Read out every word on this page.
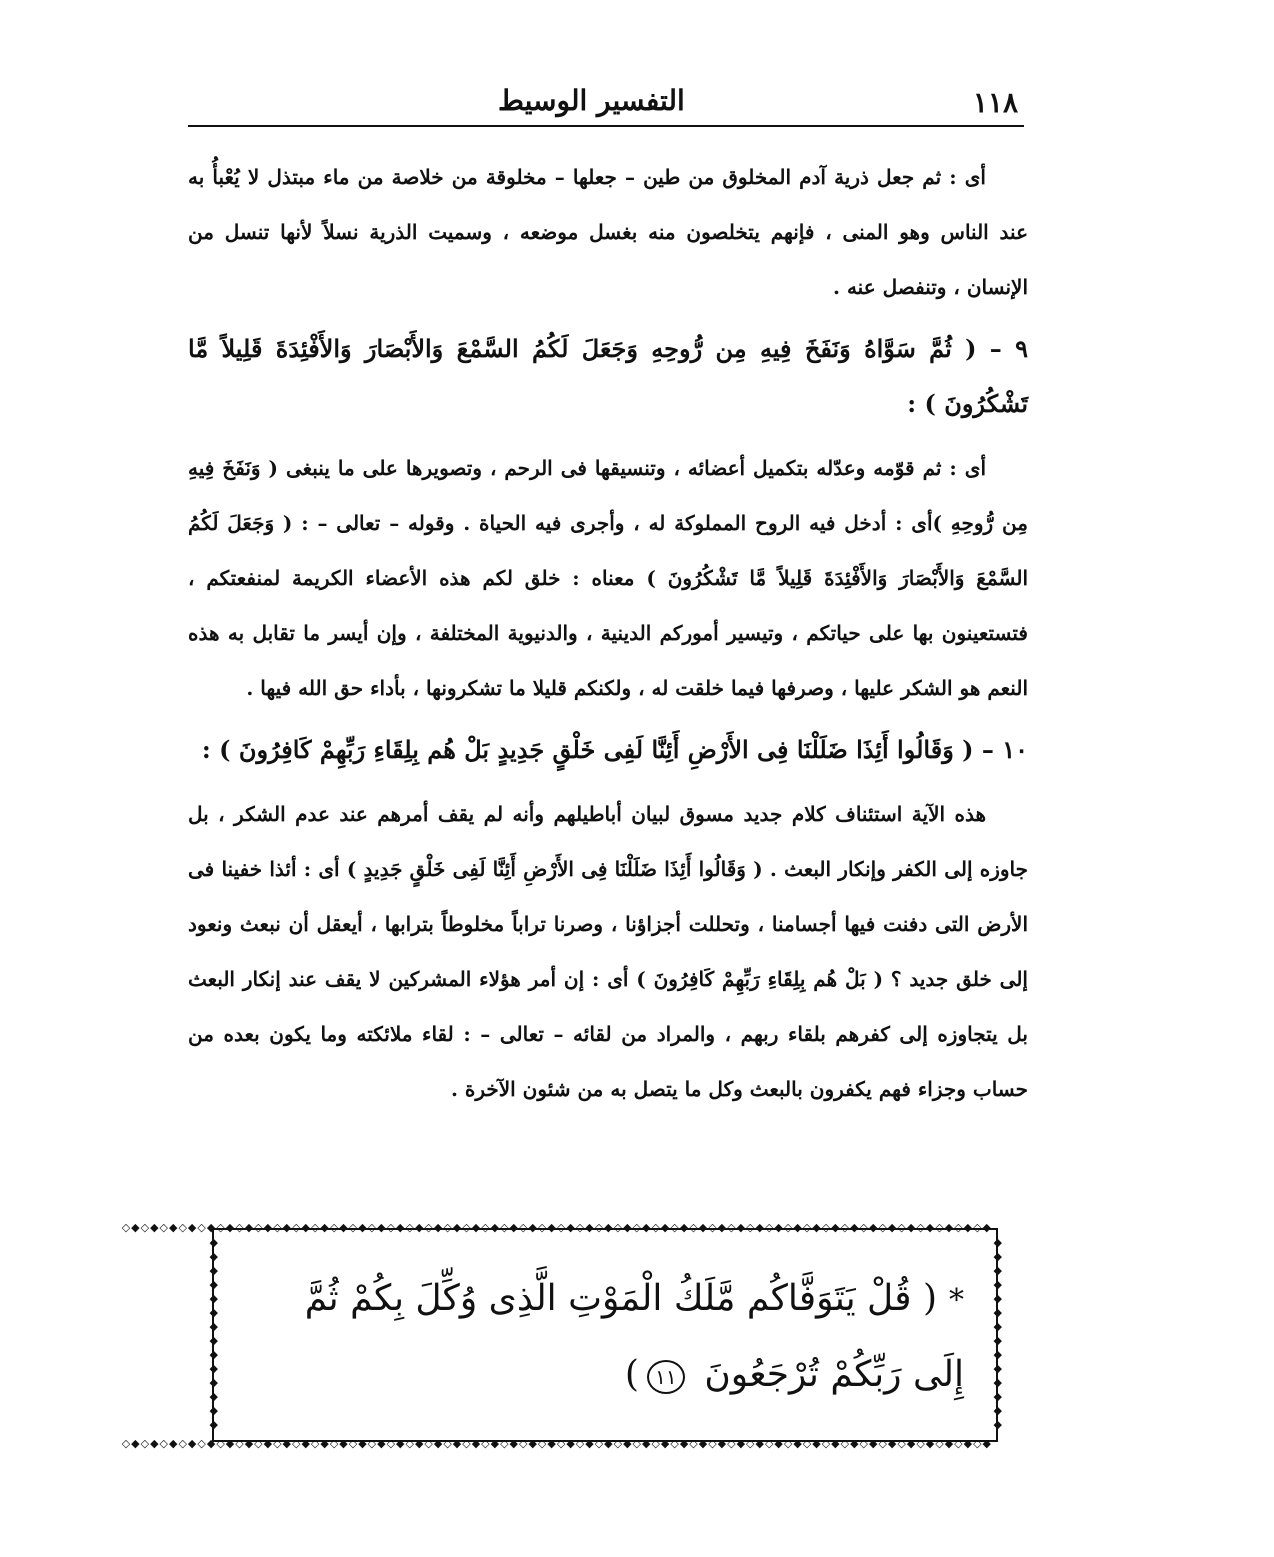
١١٨
التفسير الوسيط

أى : ثم جعل ذرية آدم المخلوق من طين – جعلها – مخلوقة من خلاصة من ماء مبتذل لا يُعْبأُ به عند الناس وهو المنى ، فإنهم يتخلصون منه بغسل موضعه ، وسميت الذرية نسلاً لأنها تنسل من الإنسان ، وتنفصل عنه .

٩ – ( ثُمَّ سَوَّاهُ وَنَفَخَ فِيهِ مِن رُّوحِهِ وَجَعَلَ لَكُمُ السَّمْعَ وَالأَبْصَارَ وَالأَفْئِدَةَ قَلِيلاً مَّا تَشْكُرُونَ ) :

أى : ثم قوّمه وعدّله بتكميل أعضائه ، وتنسيقها فى الرحم ، وتصويرها على ما ينبغى ( وَنَفَخَ فِيهِ مِن رُّوحِهِ )أى : أدخل فيه الروح المملوكة له ، وأجرى فيه الحياة . وقوله – تعالى – : ( وَجَعَلَ لَكُمُ السَّمْعَ وَالأَبْصَارَ وَالأَفْئِدَةَ قَلِيلاً مَّا تَشْكُرُونَ ) معناه : خلق لكم هذه الأعضاء الكريمة لمنفعتكم ، فتستعينون بها على حياتكم ، وتيسير أموركم الدينية ، والدنيوية المختلفة ، وإن أيسر ما تقابل به هذه النعم هو الشكر عليها ، وصرفها فيما خلقت له ، ولكنكم قليلا ما تشكرونها ، بأداء حق الله فيها .

١٠ – ( وَقَالُوا أَئِذَا ضَلَلْنَا فِى الأَرْضِ أَئِنَّا لَفِى خَلْقٍ جَدِيدٍ بَلْ هُم بِلِقَاءِ رَبِّهِمْ كَافِرُونَ ) :

هذه الآية استئناف كلام جديد مسوق لبيان أباطيلهم وأنه لم يقف أمرهم عند عدم الشكر ، بل جاوزه إلى الكفر وإنكار البعث . ( وَقَالُوا أَئِذَا ضَلَلْنَا فِى الأَرْضِ أَئِنَّا لَفِى خَلْقٍ جَدِيدٍ ) أى : أئذا خفينا فى الأرض التى دفنت فيها أجسامنا ، وتحللت أجزاؤنا ، وصرنا تراباً مخلوطاً بترابها ، أيعقل أن نبعث ونعود إلى خلق جديد ؟ ( بَلْ هُم بِلِقَاءِ رَبِّهِمْ كَافِرُونَ ) أى : إن أمر هؤلاء المشركين لا يقف عند إنكار البعث بل يتجاوزه إلى كفرهم بلقاء ربهم ، والمراد من لقائه – تعالى – : لقاء ملائكته وما يكون بعده من حساب وجزاء فهم يكفرون بالبعث وكل ما يتصل به من شئون الآخرة .

◆◇◆◇◆◇◆◇◆◇◆◇◆◇◆◇◆◇◆◇◆◇◆◇◆◇◆◇◆◇◆◇◆◇◆◇◆◇◆◇◆◇◆◇◆◇◆◇◆◇◆◇◆◇◆◇◆◇◆◇◆◇◆◇◆◇◆◇◆◇◆◇◆◇◆◇◆◇◆◇◆◇◆◇◆◇◆◇◆◇◆◇
◆◇◆◇◆◇◆◇◆◇◆◇◆◇◆◇◆◇◆◇◆◇◆◇◆◇◆◇◆◇◆◇◆◇◆◇◆◇◆◇◆◇◆◇◆◇◆◇◆◇◆◇◆◇◆◇◆◇◆◇◆◇◆◇◆◇◆◇◆◇◆◇◆◇◆◇◆◇◆◇◆◇◆◇◆◇◆◇◆◇◆◇
◆ ◆ ◆ ◆ ◆ ◆ ◆ ◆ ◆ ◆ ◆ ◆ ◆ ◆
◆ ◆ ◆ ◆ ◆ ◆ ◆ ◆ ◆ ◆ ◆ ◆ ◆ ◆
*( قُلْ يَتَوَفَّاكُم مَّلَكُ الْمَوْتِ الَّذِى وُكِّلَ بِكُمْ ثُمَّ إِلَى رَبِّكُمْ تُرْجَعُونَ ١١)
